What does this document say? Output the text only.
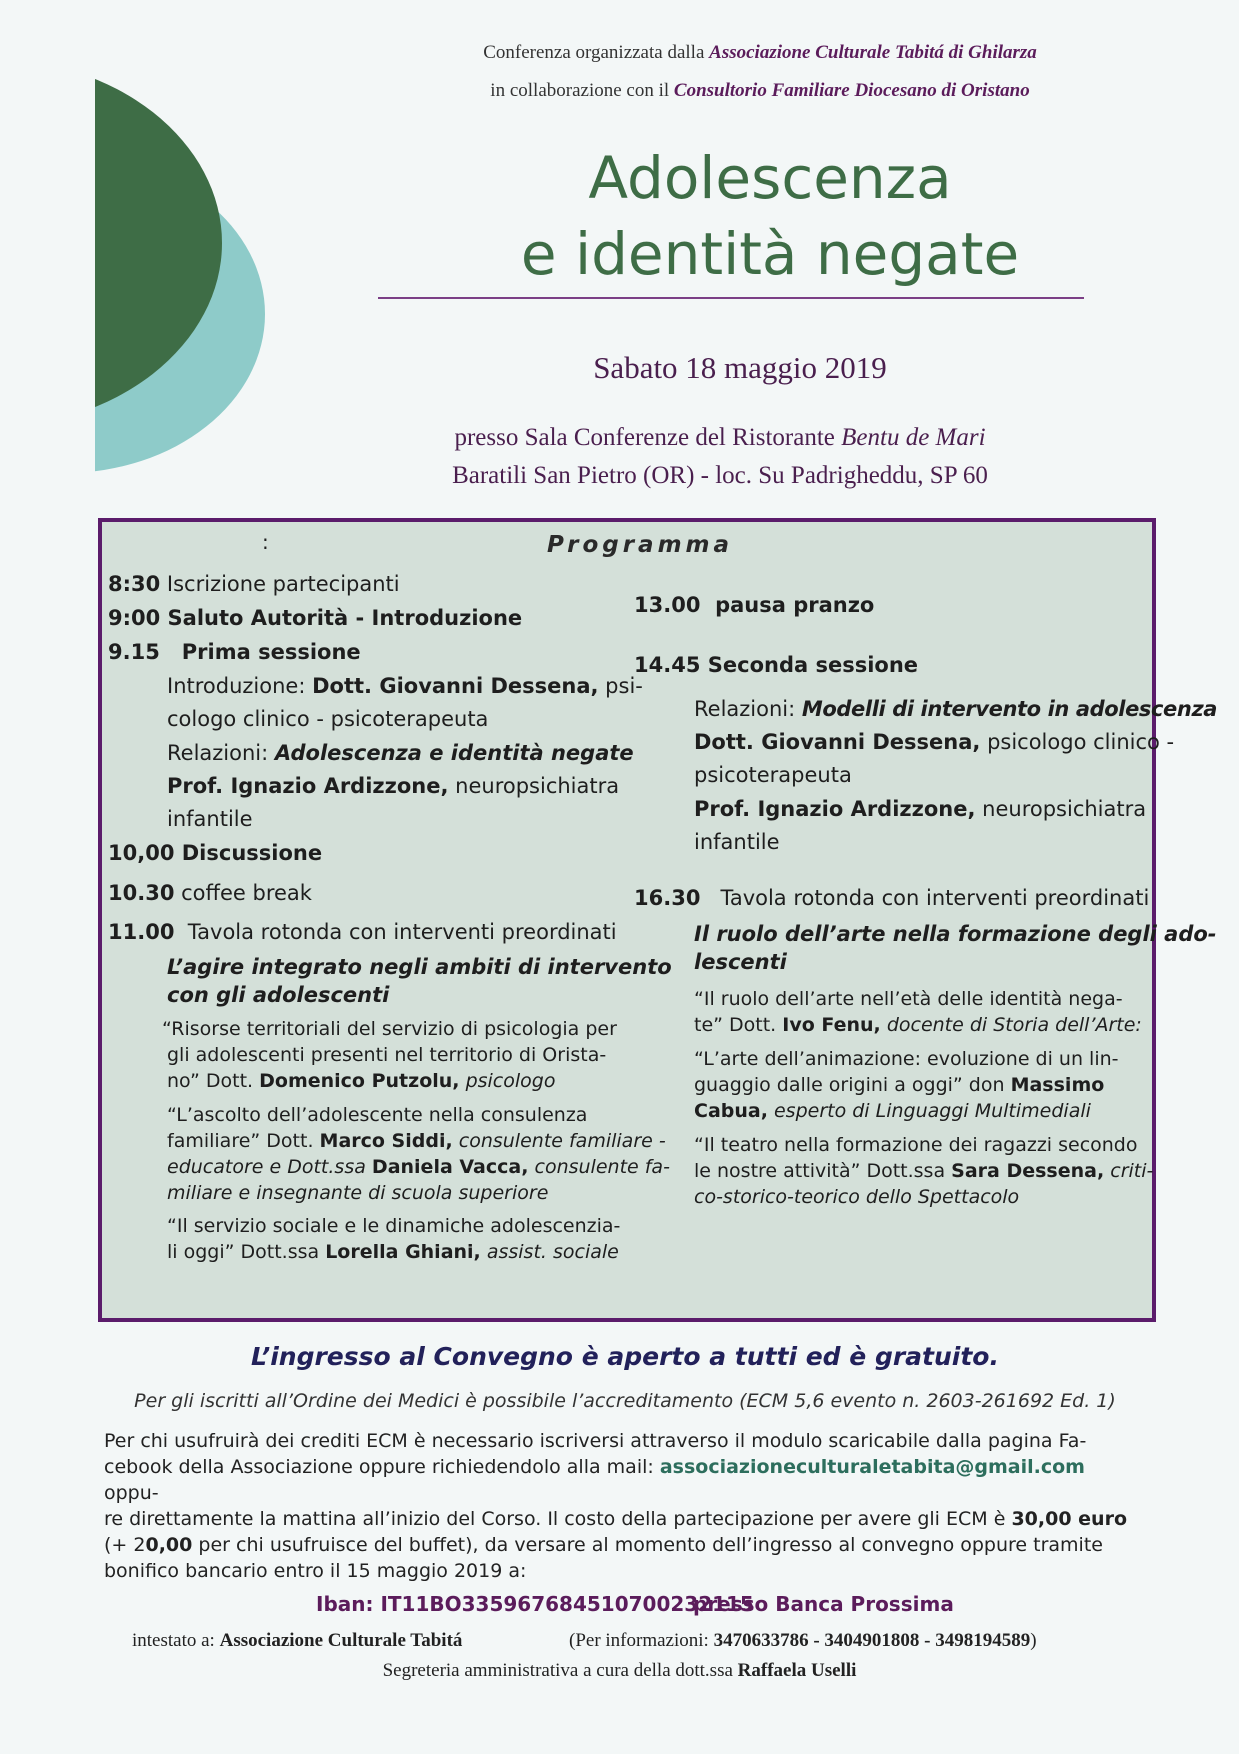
Conferenza organizzata dalla Associazione Culturale Tabitá di Ghilarza
in collaborazione con il Consultorio Familiare Diocesano di Oristano
Adolescenza
e identità negate
Sabato 18 maggio 2019
presso Sala Conferenze del Ristorante Bentu de Mari
Baratili San Pietro (OR) - loc. Su Padrigheddu, SP 60
:	Programma
8:30 Iscrizione partecipanti
9:00 Saluto Autorità - Introduzione
9.15 Prima sessione
Introduzione: Dott. Giovanni Dessena, psi-
cologo clinico - psicoterapeuta
Relazioni: Adolescenza e identità negate
Prof. Ignazio Ardizzone, neuropsichiatra
infantile
10,00 Discussione
10.30 coffee break
11.00 Tavola rotonda con interventi preordinati
L’agire integrato negli ambiti di intervento
con gli adolescenti
“Risorse territoriali del servizio di psicologia per
gli adolescenti presenti nel territorio di Orista-
no” Dott. Domenico Putzolu, psicologo
“L’ascolto dell’adolescente nella consulenza
familiare” Dott. Marco Siddi, consulente familiare -
educatore e Dott.ssa Daniela Vacca, consulente fa-
miliare e insegnante di scuola superiore
“Il servizio sociale e le dinamiche adolescenzia-
li oggi” Dott.ssa Lorella Ghiani, assist. sociale
13.00 pausa pranzo
14.45 Seconda sessione
Relazioni: Modelli di intervento in adolescenza
Dott. Giovanni Dessena, psicologo clinico -
psicoterapeuta
Prof. Ignazio Ardizzone, neuropsichiatra
infantile
16.30 Tavola rotonda con interventi preordinati
Il ruolo dell’arte nella formazione degli ado-
lescenti
“Il ruolo dell’arte nell’età delle identità nega-
te” Dott. Ivo Fenu, docente di Storia dell’Arte:
“L’arte dell’animazione: evoluzione di un lin-
guaggio dalle origini a oggi” don Massimo
Cabua, esperto di Linguaggi Multimediali
“Il teatro nella formazione dei ragazzi secondo
le nostre attività” Dott.ssa Sara Dessena, criti-
co-storico-teorico dello Spettacolo
L’ingresso al Convegno è aperto a tutti ed è gratuito.
Per gli iscritti all’Ordine dei Medici è possibile l’accreditamento (ECM 5,6 evento n. 2603-261692 Ed. 1)
Per chi usufruirà dei crediti ECM è necessario iscriversi attraverso il modulo scaricabile dalla pagina Fa-
cebook della Associazione oppure richiedendolo alla mail: associazioneculturaletabita@gmail.com oppu-
re direttamente la mattina all’inizio del Corso. Il costo della partecipazione per avere gli ECM è 30,00 euro
(+ 20,00 per chi usufruisce del buffet), da versare al momento dell’ingresso al convegno oppure tramite
bonifico bancario entro il 15 maggio 2019 a:
Iban: IT11BO335967684510700232115
presso Banca Prossima
intestato a: Associazione Culturale Tabitá	(Per informazioni: 3470633786 - 3404901808 - 3498194589)
Segreteria amministrativa a cura della dott.ssa Raffaela Uselli
